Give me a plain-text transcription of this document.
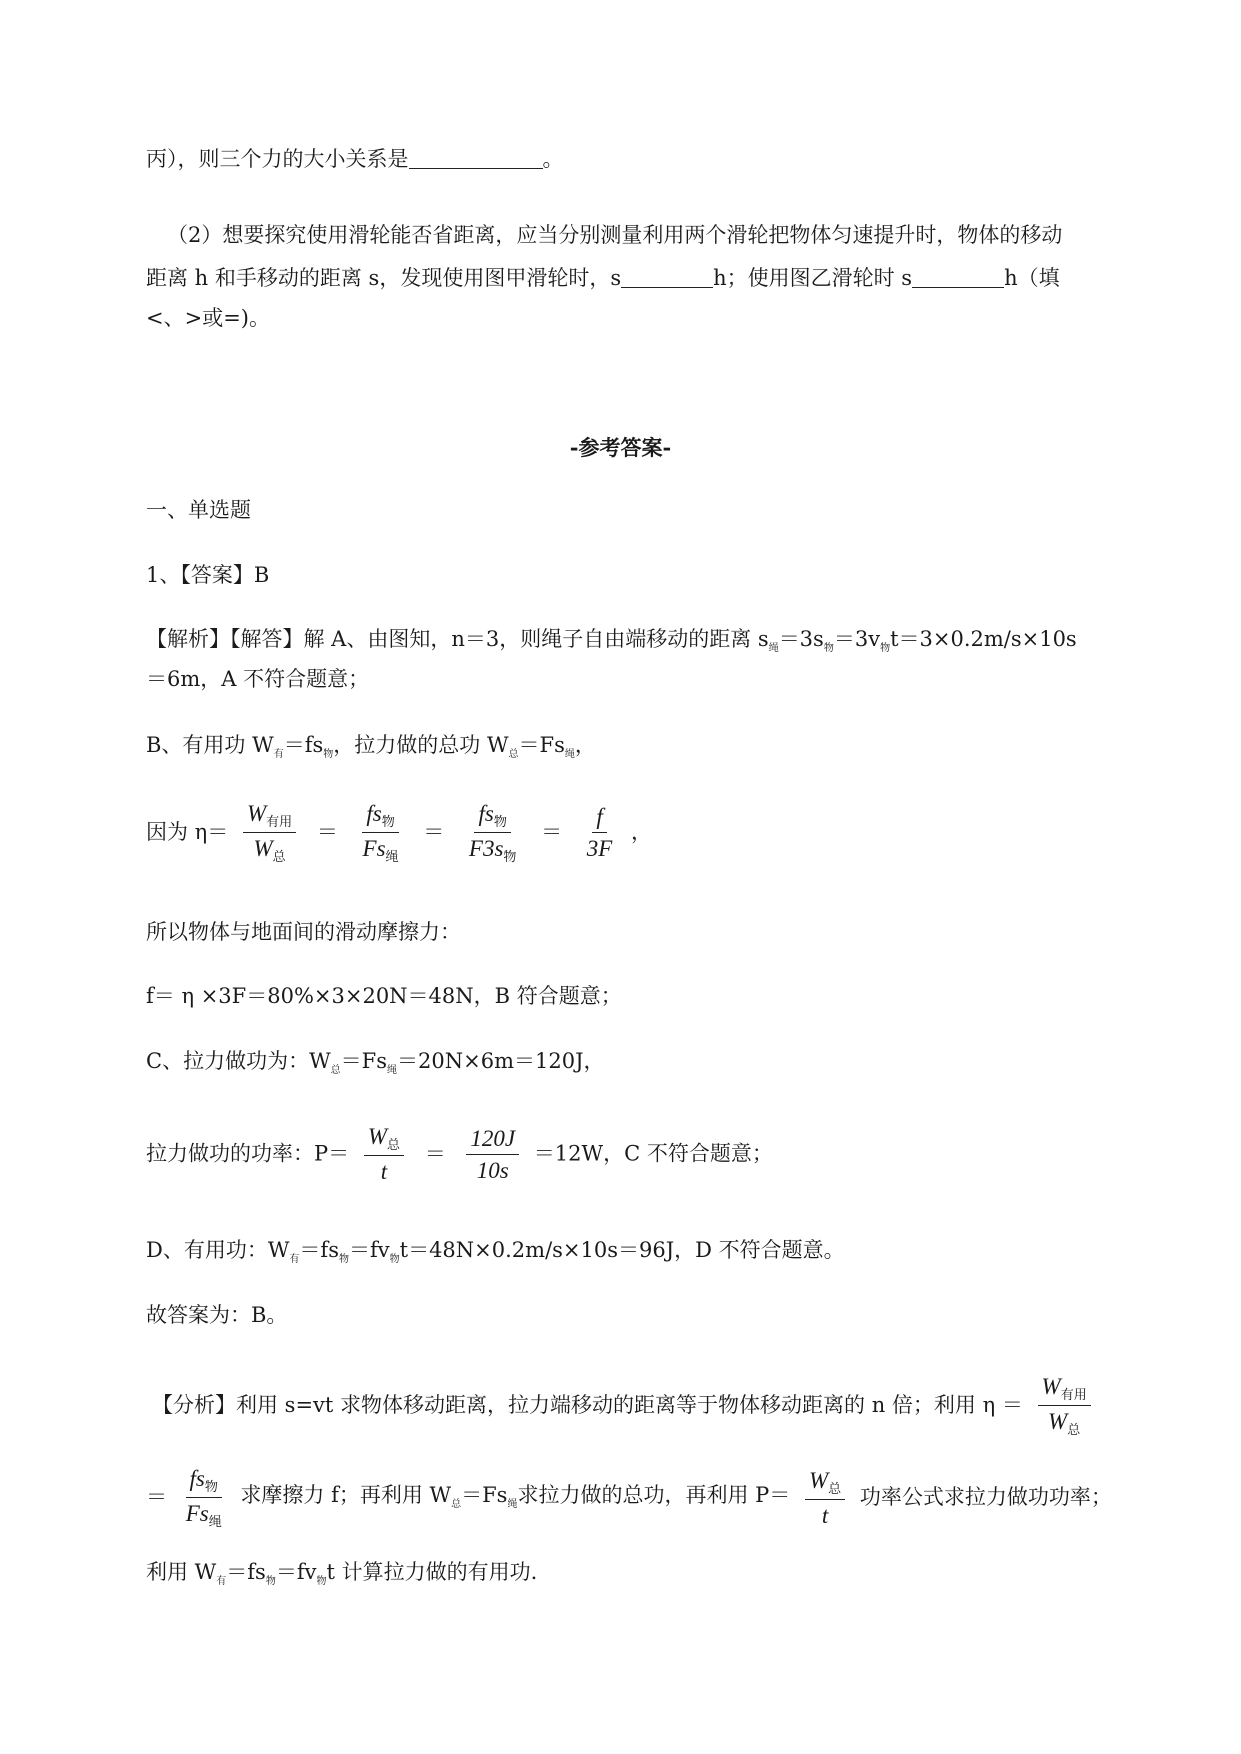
丙），则三个力的大小关系是	。
（2）想要探究使用滑轮能否省距离，应当分别测量利用两个滑轮把物体匀速提升时，物体的移动
距离 h 和手移动的距离 s，发现使用图甲滑轮时，s	h；使用图乙滑轮时 s	h（填
<、>或=)。
-参考答案-
一、单选题
1、【答案】B
【解析】【解答】解 A、由图知，n＝3，则绳子自由端移动的距离 $s_绳=3s_物=3v_物t=3\times 0.2m/s\times 10s$
＝6m，A 不符合题意；
B、有用功 $W_有=fs_物$，拉力做的总功 $W_总=Fs_绳$，
因为 $\eta= \frac{W_{有用}}{W_总} = \frac{fs_物}{Fs_绳} = \frac{fs_物}{F3s_物} = \frac{f}{3F}$ ，
所以物体与地面间的滑动摩擦力：
f＝ η ×3F＝80%×3×20N＝48N，B 符合题意；
C、拉力做功为：$W_总=Fs_绳=20N\times 6m=120J$，
拉力做功的功率：$P= \frac{W_总}{t} = \frac{120J}{10s} =12W$，C 不符合题意；
D、有用功：$W_有=fs_物=fv_物t=48N\times 0.2m/s\times 10s=96J$，D 不符合题意。
故答案为：B。
【分析】利用 s=vt 求物体移动距离，拉力端移动的距离等于物体移动距离的 n 倍；利用 $\eta = \frac{W_{有用}}{W_总}$
＝ $\frac{fs_物}{Fs_绳}$ 求摩擦力 f；再利用 $W_总=Fs_绳$求拉力做的总功，再利用 $P= \frac{W_总}{t}$ 功率公式求拉力做功功率；
利用 $W_有=fs_物=fv_物t$ 计算拉力做的有用功.
